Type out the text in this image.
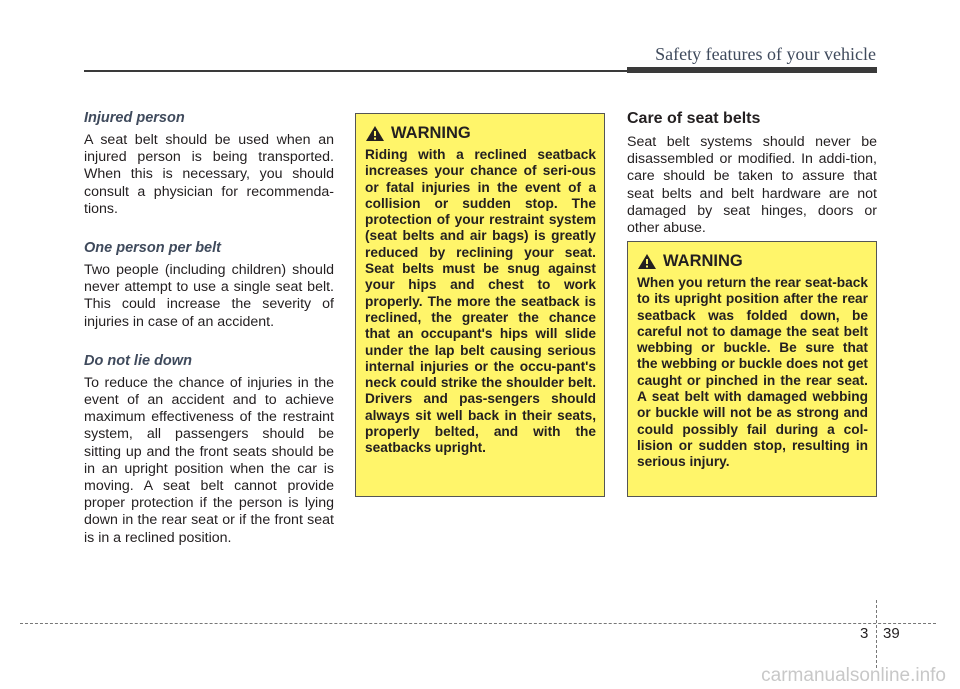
Safety features of your vehicle
Injured person
A seat belt should be used when an injured person is being transported. When this is necessary, you should consult a physician for recommenda-tions.
One person per belt
Two people (including children) should never attempt to use a single seat belt. This could increase the severity of injuries in case of an accident.
Do not lie down
To reduce the chance of injuries in the event of an accident and to achieve maximum effectiveness of the restraint system, all passengers should be sitting up and the front seats should be in an upright position when the car is moving. A seat belt cannot provide proper protection if the person is lying down in the rear seat or if the front seat is in a reclined position.
WARNING
Riding with a reclined seatback increases your chance of seri-ous or fatal injuries in the event of a collision or sudden stop. The protection of your restraint system (seat belts and air bags) is greatly reduced by reclining your seat. Seat belts must be snug against your hips and chest to work properly. The more the seatback is reclined, the greater the chance that an occupant's hips will slide under the lap belt causing serious internal injuries or the occu-pant's neck could strike the shoulder belt. Drivers and pas-sengers should always sit well back in their seats, properly belted, and with the seatbacks upright.
Care of seat belts
Seat belt systems should never be disassembled or modified. In addi-tion, care should be taken to assure that seat belts and belt hardware are not damaged by seat hinges, doors or other abuse.
WARNING
When you return the rear seat-back to its upright position after the rear seatback was folded down, be careful not to damage the seat belt webbing or buckle. Be sure that the webbing or buckle does not get caught or pinched in the rear seat. A seat belt with damaged webbing or buckle will not be as strong and could possibly fail during a col-lision or sudden stop, resulting in serious injury.
3 39
carmanualsonline.info
